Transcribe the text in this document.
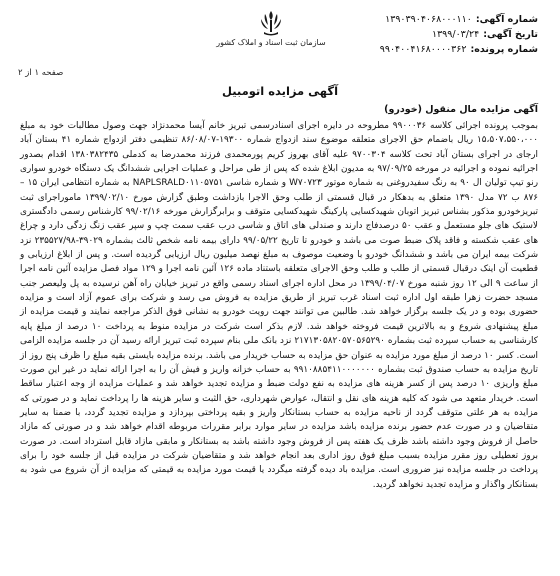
سازمان ثبت اسناد و املاک کشور
شماره آگهی:
۱۳۹۰۳۹۰۴۰۶۸۰۰۰۱۱۰
تاریخ آگهی:
۱۳۹۹/۰۳/۲۴
شماره پرونده:
۹۹۰۴۰۰۴۱۶۸۰۰۰۰۳۶۲
صفحه ۱ از ۲
آگهی مزایده اتومبیل
آگهی مزایده مال منقول (خودرو)
بموجب پرونده اجرائی کلاسه ۹۹۰۰۰۳۶ مطروحه در دایره اجرای اسنادرسمی تبریز خانم آیسا محمدنژاد جهت وصول مطالبات خود به مبلغ ۱۵،۵۰۷،۵۵۰،۰۰۰ ریال باضمام حق الاجرای متعلقه موضوع سند ازدواج شماره ۱۹۳۰۰-۸۶/۰۸/۰۷ تنظیمی دفتر ازدواج شماره ۴۱ بستان آباد ارجای در اجرای بستان آباد تحت کلاسه ۹۷۰۰۳۰۴ علیه آقای بهروز کریم پورمحمدی فرزند محمدرضا به کدملی ۱۳۸۰۳۸۲۴۳۵ اقدام بصدور اجرائیه نموده و اجرائیه در مورخه ۹۷/۰۹/۲۵ به مدیون ابلاغ شده که پس از طی مراحل و عملیات اجرایی ششدانگ یک دستگاه خودرو سواری رنو تیپ تولیان ال ۹۰ به رنگ سفیدروغنی به شماره موتور W۷۰۷۲۳ و شماره شاسی NAPLSRALD۰۱۱۰۵۷۵۱ به شماره انتظامی ایران ۱۵ – ۸۷۶ ب ۷۲ مدل ۱۳۹۰ متعلق به بدهکار در قبال قسمتی از طلب وحق الاجرا بازداشت وطبق گزارش مورخ ۱۳۹۹/۰۲/۱۰ مامورا‌جرای ثبت تبریزخودرو مذکور بشناس تبریز اتوبان شهیدکسایی پارکینگ شهیدکسایی متوقف و برابرگزارش مورخه ۹۹/۰۲/۱۶ کارشناس رسمی دادگستری لاستیک های جلو مستعمل و عقب ۵۰ درصدفاج دارند و صندلی های اتاق و شاسی درب عقب سمت چپ و سپر عقب زنگ زدگی دارد و چراغ های عقب شکسته و فاقد پلاک ضبط صوت می باشد و خودرو تا تاریخ ۹۹/۰۵/۲۲ دارای بیمه نامه شخص ثالث بشماره ۳۹۰۲۹-۲۳۵۵۲۷/۹۸ نزد شرکت بیمه ایران می باشد و ششدانگ خودرو با وضعیت موصوف به مبلغ نهصد میلیون ریال ارزیابی گردیده است. و پس از ابلاغ ارزیابی و قطعیت آن اینک درقبال قسمتی از طلب و طلب وحق الاجرای متعلقه باستناد ماده ۱۲۶ آئین نامه اجرا و ۱۲۹ مواد فصل مزایده آئین نامه اجرا از ساعت ۹ الی ۱۲ روز شنبه مورخ ۱۳۹۹/۰۴/۰۷ در محل اداره اجرای اسناد رسمی واقع در تبریز خیابان راه آهن نرسیده به پل ولیعصر جنب مسجد حضرت زهرا طبقه اول اداره ثبت اسناد غرب تبریز از طریق مزایده به فروش می رسد و شرکت برای عموم آزاد است و مزایده حضوری بوده و در یک جلسه برگزار خواهد شد. طالبین می توانند جهت رویت خودرو به نشانی فوق الذکر مراجعه نمایند و قیمت مزایده از مبلغ پیشنهادی شروع و به بالاترین قیمت فروخته خواهد شد. لازم بذکر است شرکت در مزایده منوط به پرداخت ۱۰ درصد از مبلغ پایه کارشناسی به حساب سپرده ثبت بشماره ۲۱۷۱۳۰۵۸۲۰۵۷۰۵۶۵۲۹۰ نزد بانک ملی بنام سپرده ثبت تبریز ارائه رسید آن در جلسه مزایده الزامی است. کسر ۱۰ درصد از مبلغ مورد مزایده به عنوان حق مزایده به حساب خریدار می باشد. برنده مزایده بایستی بقیه مبلغ را ظرف پنج روز از تاریخ مزایده به حساب صندوق ثبت بشماره ۹۹۱۰۸۸۵۴۱۱۰۰۰۰۰۰۰ به حساب خزانه واریز و فیش آن را به اجرا ارائه نماید در غیر این صورت مبلغ واریزی ۱۰ درصد پس از کسر هزینه های مزایده به نفع دولت ضبط و مزایده تجدید خواهد شد و عملیات مزایده از وجه اعتبار ساقط است. خریدار متعهد می شود که کلیه هزینه های نقل و انتقال، عوارض شهرداری، حق الثبت و سایر هزینه ها را پرداخت نماید و در صورتی که مزایده به هر علتی متوقف گردد از ناحیه مزایده به حساب بستانکار واریز و بقیه پرداختی بپردازد و مزایده تجدید گردد، با ضمنا به سایر متقاضیان و در صورت عدم حضور برنده مزایده باشد مزایده در سایر موارد برابر مقررات مربوطه اقدام خواهد شد و در صورتی که مازاد حاصل از فروش وجود داشته باشد ظرف یک هفته پس از فروش وجود داشته باشد به بستانکار و مابقی مازاد قابل استرداد است. در صورت بروز تعطیلی روز مقرر مزایده بسبب مبلغ فوق روز اداری بعد انجام خواهد شد و متقاضیان شرکت در مزایده قبل از جلسه خود را برای پرداخت در جلسه مزایده نیز ضروری است. مزایده باد دیده گرفته میگردد یا قیمت مورد مزایده به قیمتی که مزایده از آن شروع می شود به بستانکار واگذار و مزایده تجدید نخواهد گردید.
